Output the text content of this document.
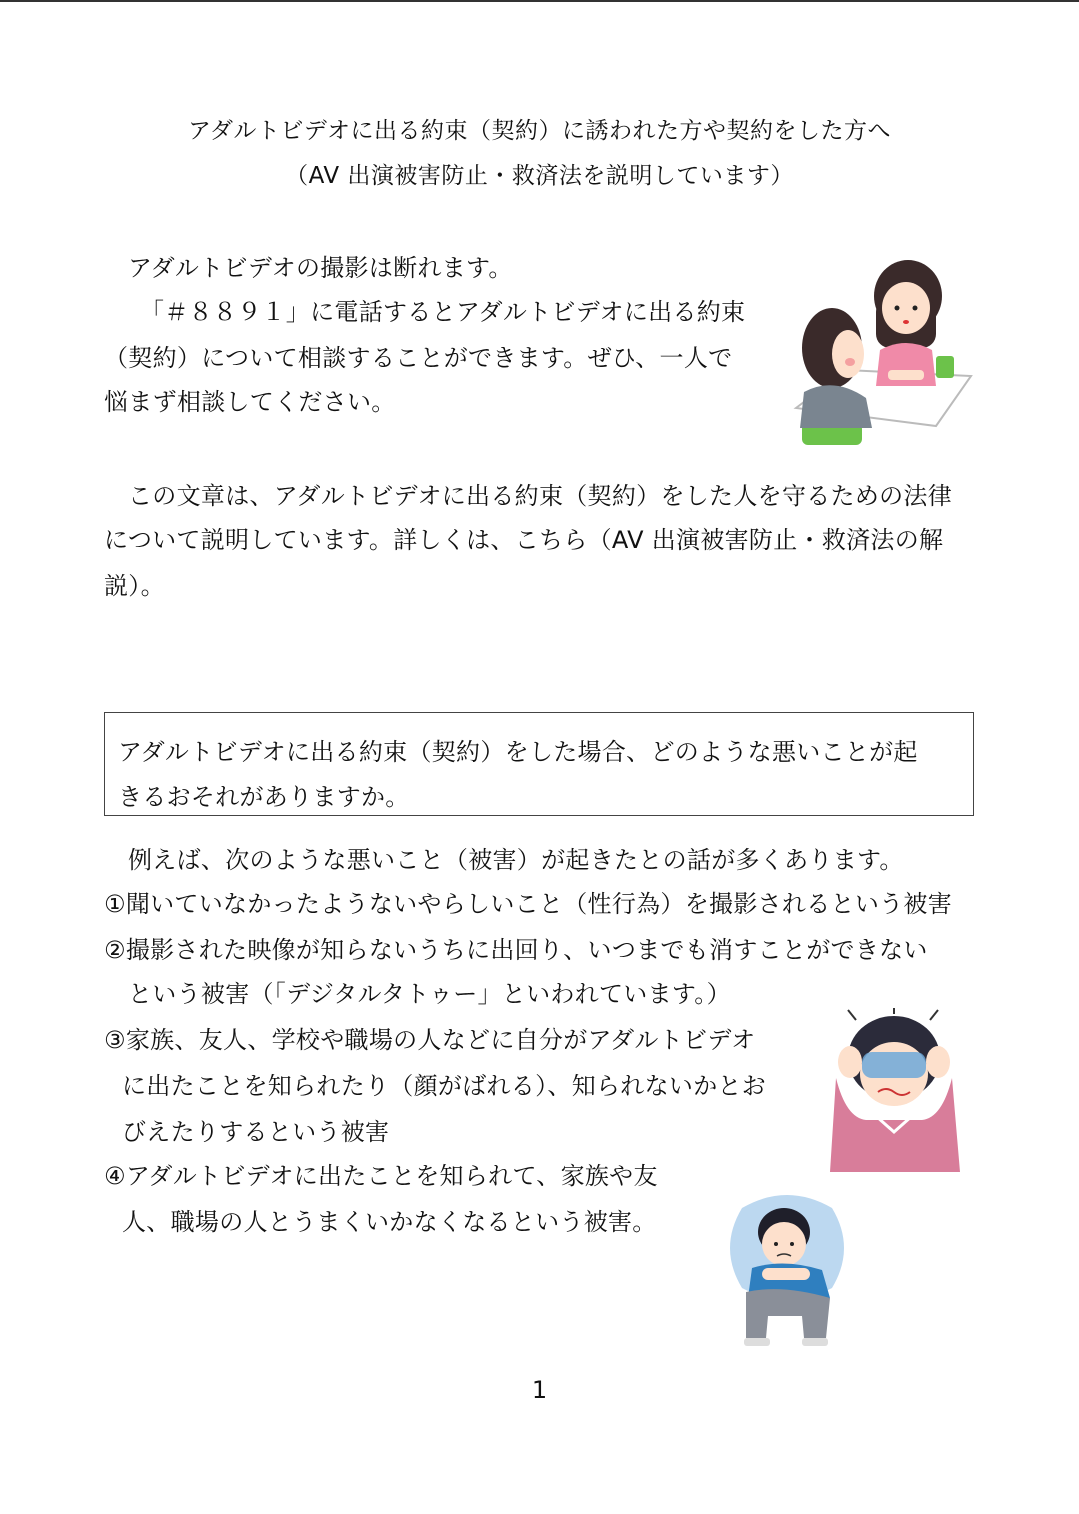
アダルトビデオに出る約束（契約）に誘われた方や契約をした方へ
（AV 出演被害防止・救済法を説明しています）
アダルトビデオの撮影は断れます。
「＃８８９１」に電話するとアダルトビデオに出る約束
（契約）について相談することができます。ぜひ、一人で
悩まず相談してください。
この文章は、アダルトビデオに出る約束（契約）をした人を守るための法律
について説明しています。詳しくは、こちら（AV 出演被害防止・救済法の解
説）。
アダルトビデオに出る約束（契約）をした場合、どのような悪いことが起
きるおそれがありますか。
例えば、次のような悪いこと（被害）が起きたとの話が多くあります。
①聞いていなかったようないやらしいこと（性行為）を撮影されるという被害
②撮影された映像が知らないうちに出回り、いつまでも消すことができない
という被害（「デジタルタトゥー」といわれています。）
③家族、友人、学校や職場の人などに自分がアダルトビデオ
に出たことを知られたり（顔がばれる）、知られないかとお
びえたりするという被害
④アダルトビデオに出たことを知られて、家族や友
人、職場の人とうまくいかなくなるという被害。
1
